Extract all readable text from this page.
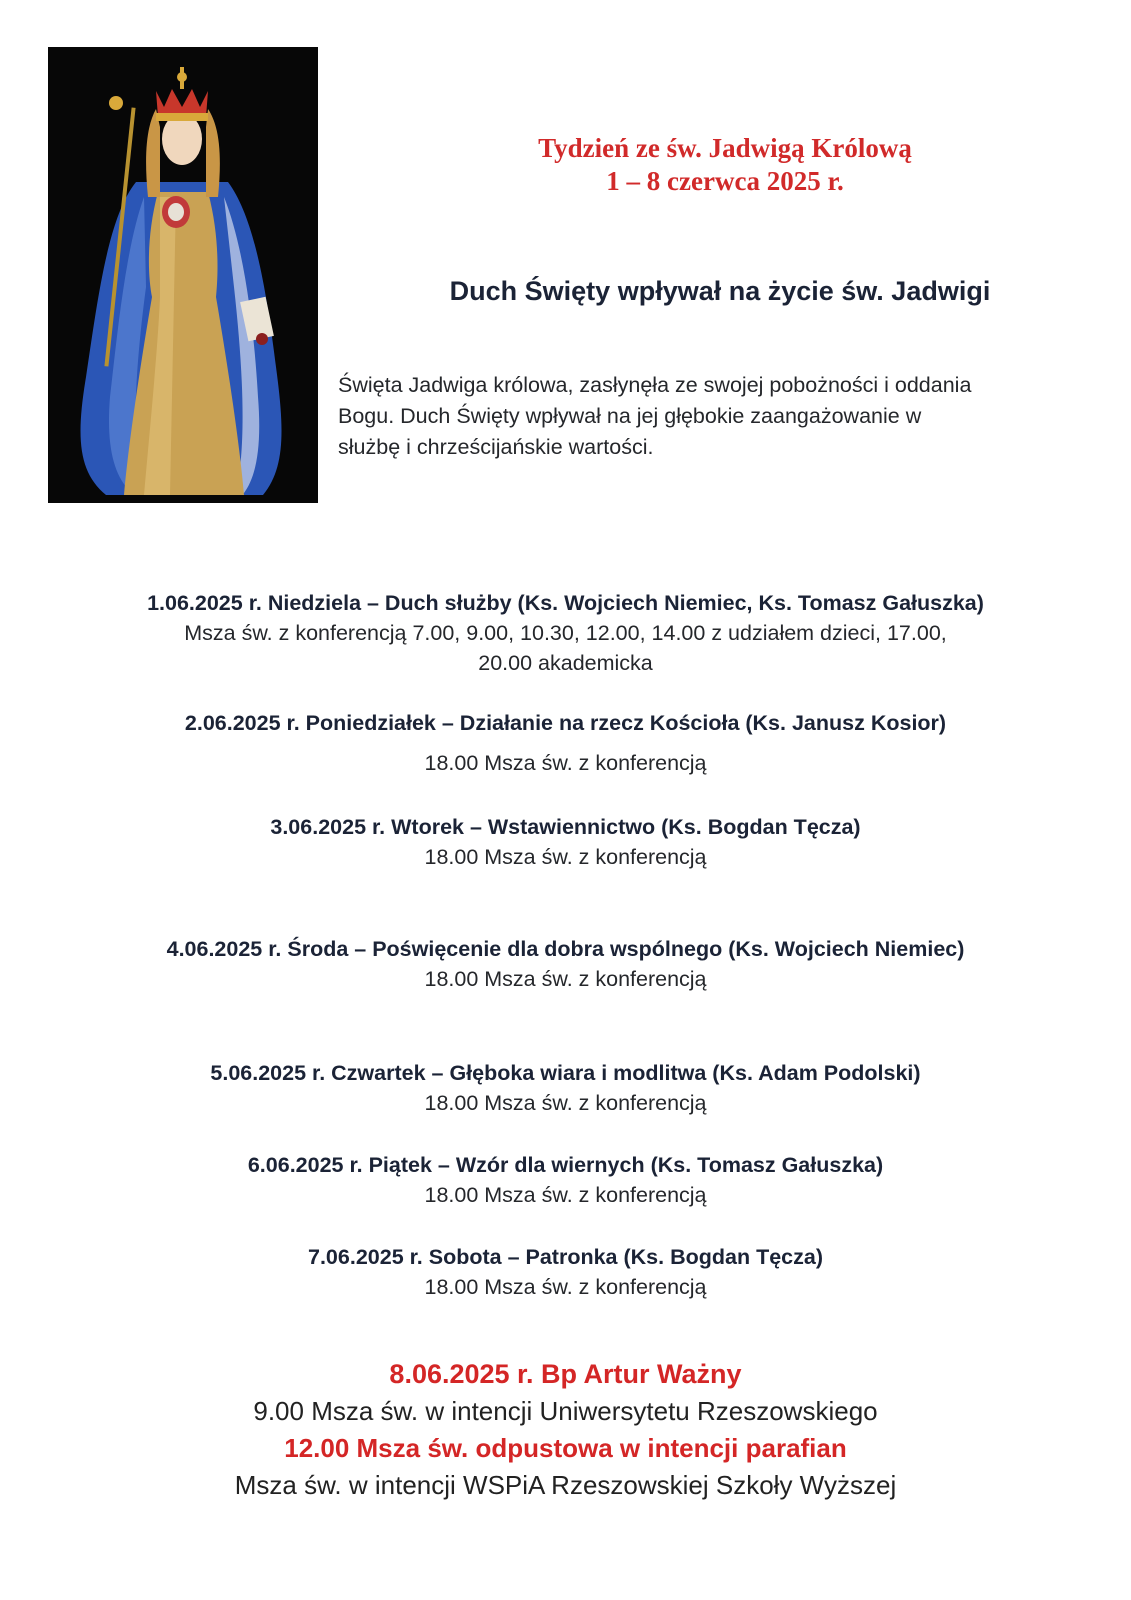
Tydzień ze św. Jadwigą Królową
1 – 8 czerwca 2025 r.
Duch Święty wpływał na życie św. Jadwigi
Święta Jadwiga królowa, zasłynęła ze swojej pobożności i oddania
Bogu. Duch Święty wpływał na jej głębokie zaangażowanie w
służbę i chrześcijańskie wartości.
1.06.2025 r. Niedziela – Duch służby (Ks. Wojciech Niemiec, Ks. Tomasz Gałuszka)
Msza św. z konferencją 7.00, 9.00, 10.30, 12.00, 14.00 z udziałem dzieci, 17.00,
20.00 akademicka
2.06.2025 r. Poniedziałek – Działanie na rzecz Kościoła (Ks. Janusz Kosior)
18.00 Msza św. z konferencją
3.06.2025 r. Wtorek – Wstawiennictwo (Ks. Bogdan Tęcza)
18.00 Msza św. z konferencją
4.06.2025 r. Środa – Poświęcenie dla dobra wspólnego (Ks. Wojciech Niemiec)
18.00 Msza św. z konferencją
5.06.2025 r. Czwartek – Głęboka wiara i modlitwa (Ks. Adam Podolski)
18.00 Msza św. z konferencją
6.06.2025 r. Piątek – Wzór dla wiernych (Ks. Tomasz Gałuszka)
18.00 Msza św. z konferencją
7.06.2025 r. Sobota – Patronka (Ks. Bogdan Tęcza)
18.00 Msza św. z konferencją
8.06.2025 r. Bp Artur Ważny
9.00 Msza św. w intencji Uniwersytetu Rzeszowskiego
12.00 Msza św. odpustowa w intencji parafian
Msza św. w intencji WSPiA Rzeszowskiej Szkoły Wyższej
